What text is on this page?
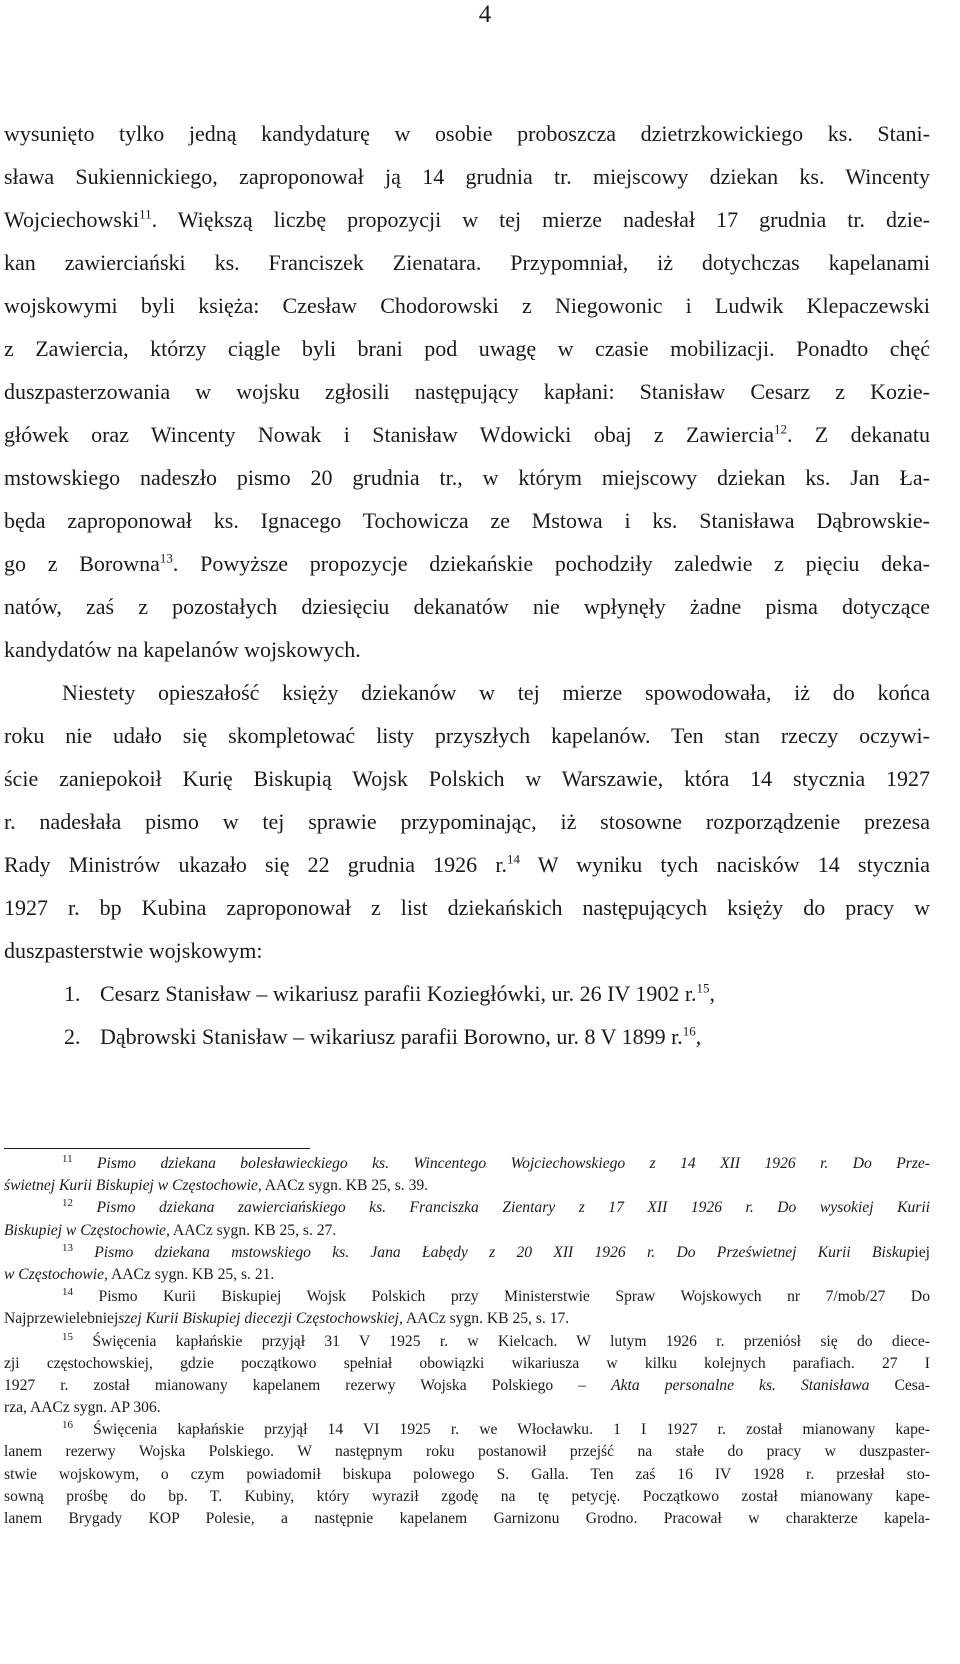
4
wysunięto tylko jedną kandydaturę w osobie proboszcza dzietrzkowickiego ks. Stani-
sława Sukiennickiego, zaproponował ją 14 grudnia tr. miejscowy dziekan ks. Wincenty
Wojciechowski$^{11}$. Większą liczbę propozycji w tej mierze nadesłał 17 grudnia tr. dzie-
kan zawierciański ks. Franciszek Zienatara. Przypomniał, iż dotychczas kapelanami
wojskowymi byli księża: Czesław Chodorowski z Niegowonic i Ludwik Klepaczewski
z Zawiercia, którzy ciągle byli brani pod uwagę w czasie mobilizacji. Ponadto chęć
duszpasterzowania w wojsku zgłosili następujący kapłani: Stanisław Cesarz z Kozie-
główek oraz Wincenty Nowak i Stanisław Wdowicki obaj z Zawiercia$^{12}$. Z dekanatu
mstowskiego nadeszło pismo 20 grudnia tr., w którym miejscowy dziekan ks. Jan Ła-
będa zaproponował ks. Ignacego Tochowicza ze Mstowa i ks. Stanisława Dąbrowskie-
go z Borowna$^{13}$. Powyższe propozycje dziekańskie pochodziły zaledwie z pięciu deka-
natów, zaś z pozostałych dziesięciu dekanatów nie wpłynęły żadne pisma dotyczące
kandydatów na kapelanów wojskowych.
Niestety opieszałość księży dziekanów w tej mierze spowodowała, iż do końca
roku nie udało się skompletować listy przyszłych kapelanów. Ten stan rzeczy oczywi-
ście zaniepokoił Kurię Biskupią Wojsk Polskich w Warszawie, która 14 stycznia 1927
r. nadesłała pismo w tej sprawie przypominając, iż stosowne rozporządzenie prezesa
Rady Ministrów ukazało się 22 grudnia 1926 r.$^{14}$ W wyniku tych nacisków 14 stycznia
1927 r. bp Kubina zaproponował z list dziekańskich następujących księży do pracy w
duszpasterstwie wojskowym:
1. Cesarz Stanisław – wikariusz parafii Koziegłówki, ur. 26 IV 1902 r.$^{15}$,
2. Dąbrowski Stanisław – wikariusz parafii Borowno, ur. 8 V 1899 r.$^{16}$,
$^{11}$ Pismo dziekana bolesławieckiego ks. Wincentego Wojciechowskiego z 14 XII 1926 r. Do Prze-
świetnej Kurii Biskupiej w Częstochowie, AACz sygn. KB 25, s. 39.
$^{12}$ Pismo dziekana zawierciańskiego ks. Franciszka Zientary z 17 XII 1926 r. Do wysokiej Kurii
Biskupiej w Częstochowie, AACz sygn. KB 25, s. 27.
$^{13}$ Pismo dziekana mstowskiego ks. Jana Łabędy z 20 XII 1926 r. Do Prześwietnej Kurii Biskupiej
w Częstochowie, AACz sygn. KB 25, s. 21.
$^{14}$ Pismo Kurii Biskupiej Wojsk Polskich przy Ministerstwie Spraw Wojskowych nr 7/mob/27 Do
Najprzewielebniejszej Kurii Biskupiej diecezji Częstochowskiej, AACz sygn. KB 25, s. 17.
$^{15}$ Święcenia kapłańskie przyjął 31 V 1925 r. w Kielcach. W lutym 1926 r. przeniósł się do diece-
zji częstochowskiej, gdzie początkowo spełniał obowiązki wikariusza w kilku kolejnych parafiach. 27 I
1927 r. został mianowany kapelanem rezerwy Wojska Polskiego – Akta personalne ks. Stanisława Cesa-
rza, AACz sygn. AP 306.
$^{16}$ Święcenia kapłańskie przyjął 14 VI 1925 r. we Włocławku. 1 I 1927 r. został mianowany kape-
lanem rezerwy Wojska Polskiego. W następnym roku postanowił przejść na stałe do pracy w duszpaster-
stwie wojskowym, o czym powiadomił biskupa polowego S. Galla. Ten zaś 16 IV 1928 r. przesłał sto-
sowną prośbę do bp. T. Kubiny, który wyraził zgodę na tę petycję. Początkowo został mianowany kape-
lanem Brygady KOP Polesie, a następnie kapelanem Garnizonu Grodno. Pracował w charakterze kapela-
